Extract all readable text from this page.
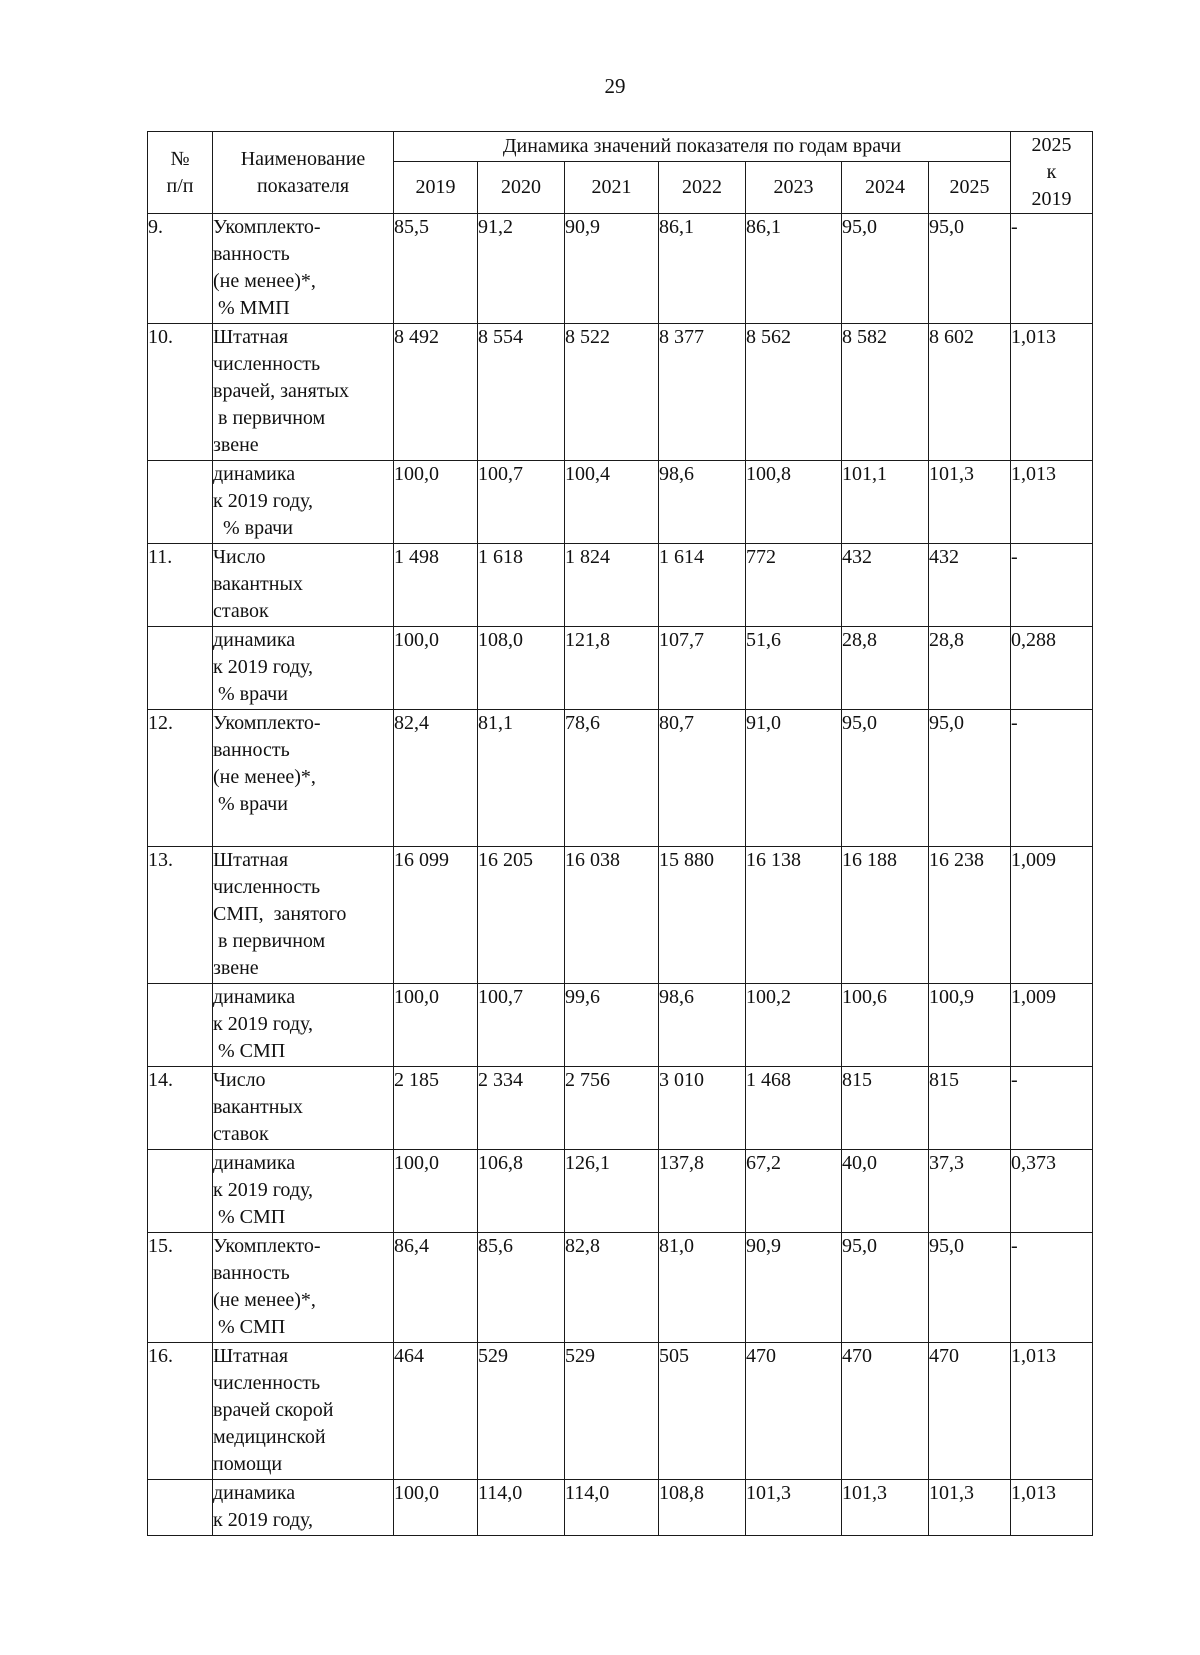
29
№
п/п	Наименование
показателя	Динамика значений показателя по годам врачи							2025
к
2019

		2019	2020	2021	2022	2023	2024	2025	
9.	Укомплекто-
ванность
(не менее)*,
% ММП	85,5	91,2	90,9	86,1	86,1	95,0	95,0	-
10.	Штатная
численность
врачей, занятых
в первичном
звене	8 492	8 554	8 522	8 377	8 562	8 582	8 602	1,013

	динамика
к 2019 году,
% врачи	100,0	100,7	100,4	98,6	100,8	101,1	101,3	1,013
11.	Число
вакантных
ставок	1 498	1 618	1 824	1 614	772	432	432	-

	динамика
к 2019 году,
% врачи	100,0	108,0	121,8	107,7	51,6	28,8	28,8	0,288
12.	Укомплекто-
ванность
(не менее)*,
% врачи	82,4	81,1	78,6	80,7	91,0	95,0	95,0	-
13.	Штатная
численность
СМП,  занятого
в первичном
звене	16 099	16 205	16 038	15 880	16 138	16 188	16 238	1,009

	динамика
к 2019 году,
% СМП	100,0	100,7	99,6	98,6	100,2	100,6	100,9	1,009
14.	Число
вакантных
ставок	2 185	2 334	2 756	3 010	1 468	815	815	-

	динамика
к 2019 году,
% СМП	100,0	106,8	126,1	137,8	67,2	40,0	37,3	0,373
15.	Укомплекто-
ванность
(не менее)*,
% СМП	86,4	85,6	82,8	81,0	90,9	95,0	95,0	-
16.	Штатная
численность
врачей скорой
медицинской
помощи	464	529	529	505	470	470	470	1,013

	динамика
к 2019 году,	100,0	114,0	114,0	108,8	101,3	101,3	101,3	1,013
